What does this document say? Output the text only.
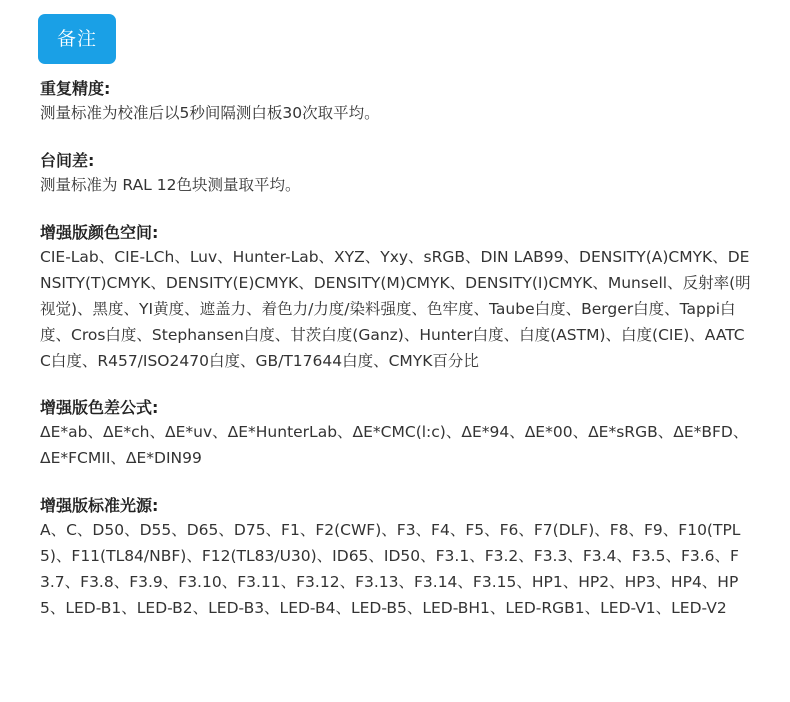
备注

重复精度:

测量标准为校准后以5秒间隔测白板30次取平均。

台间差:

测量标准为 RAL 12色块测量取平均。

增强版颜色空间:

CIE-Lab、CIE-LCh、Luv、Hunter-Lab、XYZ、Yxy、sRGB、DIN LAB99、DENSITY(A)CMYK、DENSITY(T)CMYK、DENSITY(E)CMYK、DENSITY(M)CMYK、DENSITY(I)CMYK、Munsell、反射率(明视觉)、黑度、YI黄度、遮盖力、着色力/力度/染料强度、色牢度、Taube白度、Berger白度、Tappi白度、Cros白度、Stephansen白度、甘茨白度(Ganz)、Hunter白度、白度(ASTM)、白度(CIE)、AATCC白度、R457/ISO2470白度、GB/T17644白度、CMYK百分比

增强版色差公式:

ΔE*ab、ΔE*ch、ΔE*uv、ΔE*HunterLab、ΔE*CMC(l:c)、ΔE*94、ΔE*00、ΔE*sRGB、ΔE*BFD、ΔE*FCMII、ΔE*DIN99

增强版标准光源:

A、C、D50、D55、D65、D75、F1、F2(CWF)、F3、F4、F5、F6、F7(DLF)、F8、F9、F10(TPL5)、F11(TL84/NBF)、F12(TL83/U30)、ID65、ID50、F3.1、F3.2、F3.3、F3.4、F3.5、F3.6、F3.7、F3.8、F3.9、F3.10、F3.11、F3.12、F3.13、F3.14、F3.15、HP1、HP2、HP3、HP4、HP5、LED-B1、LED-B2、LED-B3、LED-B4、LED-B5、LED-BH1、LED-RGB1、LED-V1、LED-V2
